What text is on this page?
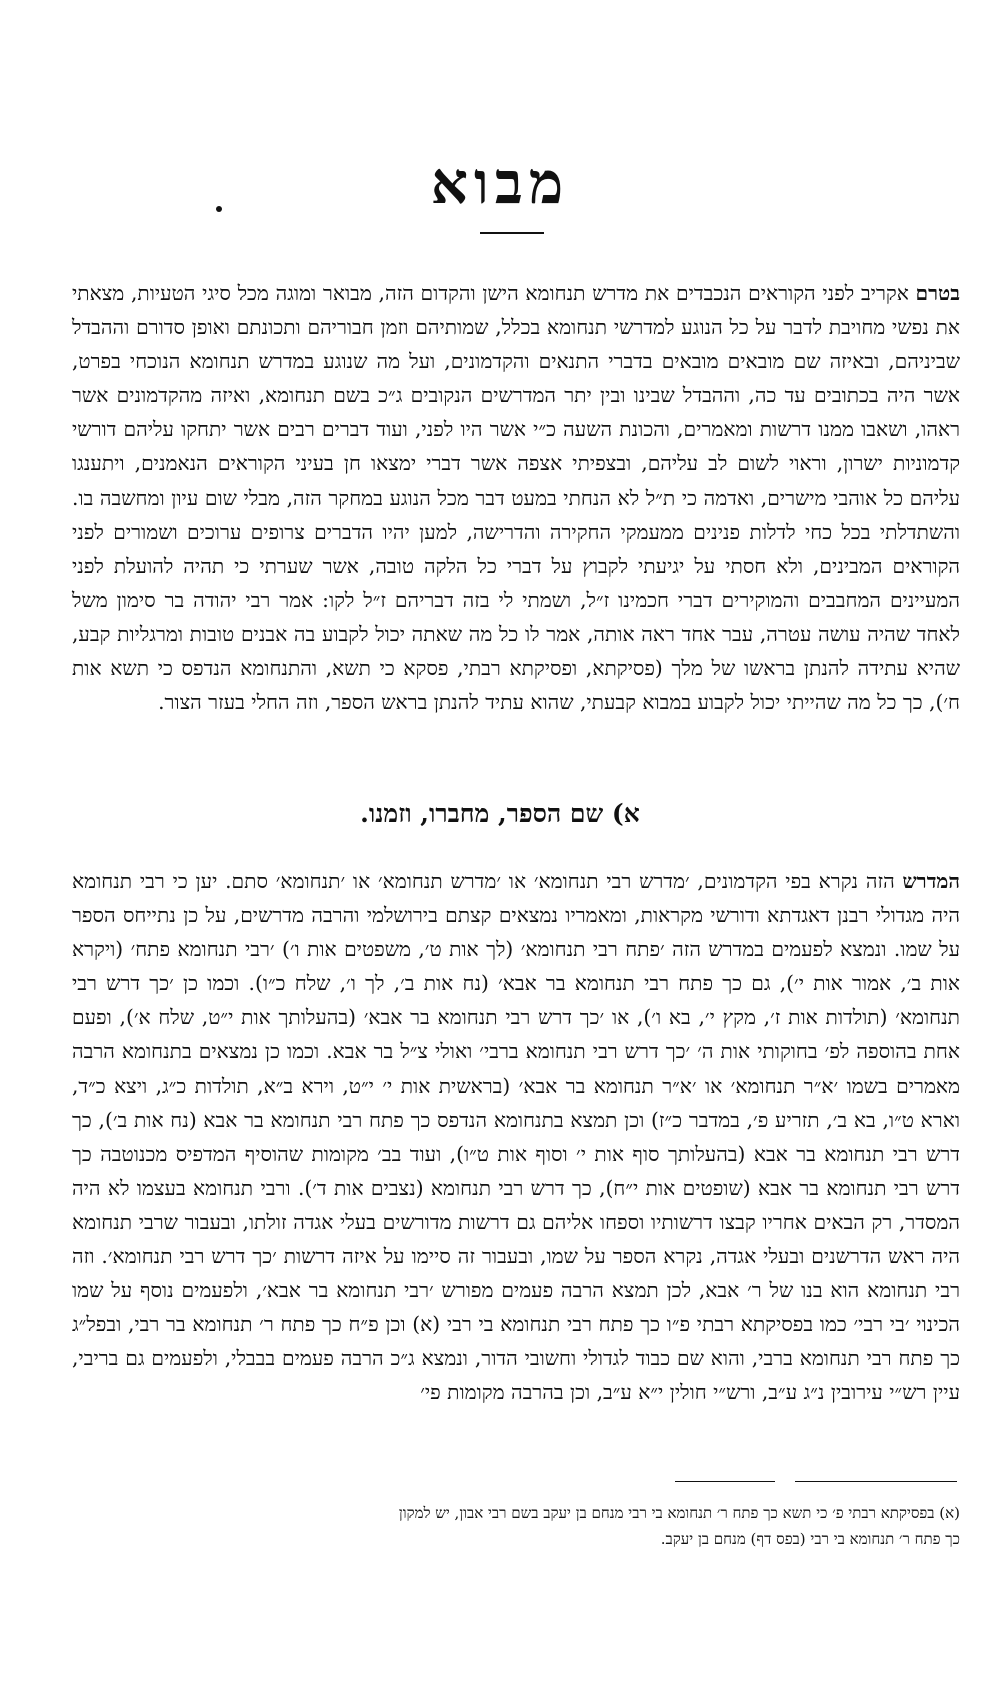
מבוא

בטרם אקריב לפני הקוראים הנכבדים את מדרש תנחומא הישן והקדום הזה, מבואר ומוגה מכל סיגי הטעיות, מצאתי את נפשי מחויבת לדבר על כל הנוגע למדרשי תנחומא בכלל, שמותיהם וזמן חבוריהם ותכונתם ואופן סדורם וההבדל שביניהם, ובאיזה שם מובאים מובאים בדברי התנאים והקדמונים, ועל מה שנוגע במדרש תנחומא הנוכחי בפרט, אשר היה בכתובים עד כה, וההבדל שבינו ובין יתר המדרשים הנקובים ג״כ בשם תנחומא, ואיזה מהקדמונים אשר ראהו, ושאבו ממנו דרשות ומאמרים, והכונת השעה כ״י אשר היו לפני, ועוד דברים רבים אשר יתחקו עליהם דורשי קדמוניות ישרון, וראוי לשום לב עליהם, ובצפיתי אצפה אשר דברי ימצאו חן בעיני הקוראים הנאמנים, ויתענגו עליהם כל אוהבי מישרים, ואדמה כי ת״ל לא הנחתי במעט דבר מכל הנוגע במחקר הזה, מבלי שום עיון ומחשבה בו. והשתדלתי בכל כחי לדלות פנינים ממעמקי החקירה והדרישה, למען יהיו הדברים צרופים ערוכים ושמורים לפני הקוראים המבינים, ולא חסתי על יגיעתי לקבוץ על דברי כל הלקה טובה, אשר שערתי כי תהיה להועלת לפני המעיינים המחבבים והמוקירים דברי חכמינו ז״ל, ושמתי לי בזה דבריהם ז״ל לקו: אמר רבי יהודה בר סימון משל לאחד שהיה עושה עטרה, עבר אחד ראה אותה, אמר לו כל מה שאתה יכול לקבוע בה אבנים טובות ומרגליות קבע, שהיא עתידה להנתן בראשו של מלך (פסיקתא, ופסיקתא רבתי, פסקא כי תשא, והתנחומא הנדפס כי תשא אות ח׳), כך כל מה שהייתי יכול לקבוע במבוא קבעתי, שהוא עתיד להנתן בראש הספר, וזה החלי בעזר הצור.

א) שם הספר, מחברו, וזמנו.

המדרש הזה נקרא בפי הקדמונים, ׳מדרש רבי תנחומא׳ או ׳מדרש תנחומא׳ או ׳תנחומא׳ סתם. יען כי רבי תנחומא היה מגדולי רבנן דאגדתא ודורשי מקראות, ומאמריו נמצאים קצתם בירושלמי והרבה מדרשים, על כן נתייחס הספר על שמו. ונמצא לפעמים במדרש הזה ׳פתח רבי תנחומא׳ (לך אות ט׳, משפטים אות ו׳) ׳רבי תנחומא פתח׳ (ויקרא אות ב׳, אמור אות י׳), גם כך פתח רבי תנחומא בר אבא׳ (נח אות ב׳, לך ו׳, שלח כ״ו). וכמו כן ׳כך דרש רבי תנחומא׳ (תולדות אות ז׳, מקץ י׳, בא ו׳), או ׳כך דרש רבי תנחומא בר אבא׳ (בהעלותך אות י״ט, שלח א׳), ופעם אחת בהוספה לפ׳ בחוקותי אות ה׳ ׳כך דרש רבי תנחומא ברבי׳ ואולי צ״ל בר אבא. וכמו כן נמצאים בתנחומא הרבה מאמרים בשמו ׳א״ר תנחומא׳ או ׳א״ר תנחומא בר אבא׳ (בראשית אות י׳ י״ט, וירא ב״א, תולדות כ״ג, ויצא כ״ד, וארא ט״ו, בא ב׳, תזריע פ׳, במדבר כ״ז) וכן תמצא בתנחומא הנדפס כך פתח רבי תנחומא בר אבא (נח אות ב׳), כך דרש רבי תנחומא בר אבא (בהעלותך סוף אות י׳ וסוף אות ט״ו), ועוד בב׳ מקומות שהוסיף המדפיס מכנוטבה כך דרש רבי תנחומא בר אבא (שופטים אות י״ח), כך דרש רבי תנחומא (נצבים אות ד׳). ורבי תנחומא בעצמו לא היה המסדר, רק הבאים אחריו קבצו דרשותיו וספחו אליהם גם דרשות מדורשים בעלי אגדה זולתו, ובעבור שרבי תנחומא היה ראש הדרשנים ובעלי אגדה, נקרא הספר על שמו, ובעבור זה סיימו על איזה דרשות ׳כך דרש רבי תנחומא׳. וזה רבי תנחומא הוא בנו של ר׳ אבא, לכן תמצא הרבה פעמים מפורש ׳רבי תנחומא בר אבא׳, ולפעמים נוסף על שמו הכינוי ׳בי רבי׳ כמו בפסיקתא רבתי פ״ו כך פתח רבי תנחומא בי רבי (א) וכן פ״ח כך פתח ר׳ תנחומא בר רבי, ובפל״ג כך פתח רבי תנחומא ברבי, והוא שם כבוד לגדולי וחשובי הדור, ונמצא ג״כ הרבה פעמים בבבלי, ולפעמים גם בריבי, עיין רש״י עירובין נ״ג ע״ב, ורש״י חולין י״א ע״ב, וכן בהרבה מקומות פי׳

(א) בפסיקתא רבתי פ׳ כי תשא כך פתח ר׳ תנחומא בי רבי מנחם בן יעקב בשם רבי אבון, יש למקון

כך פתח ר׳ תנחומא בי רבי (בפס דף) מנחם בן יעקב.
